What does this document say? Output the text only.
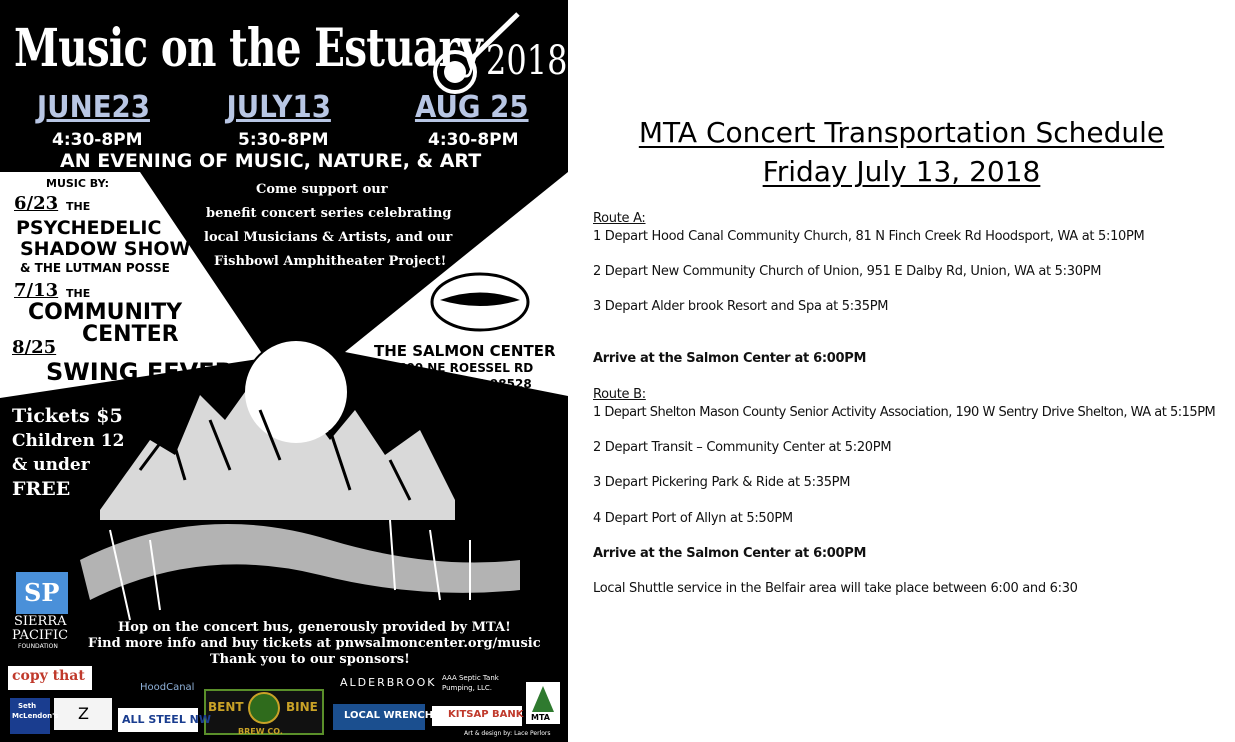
Music on the Estuary 2018
JUNE23	JULY13	AUG 25
4:30-8PM	5:30-8PM	4:30-8PM
AN EVENING OF MUSIC, NATURE, & ART
MUSIC BY:
6/23 THE
PSYCHEDELIC
SHADOW SHOW
& THE LUTMAN POSSE
7/13 THE
COMMUNITY
CENTER
8/25
SWING FEVER
Come support our
benefit concert series celebrating
local Musicians & Artists, and our
Fishbowl Amphitheater Project!
THE SALMON CENTER
600 NE ROESSEL RD
BELFAIR, WA 98528
Tickets $5
Children 12
& under
FREE
SP
SIERRA
PACIFIC
FOUNDATION
Hop on the concert bus, generously provided by MTA!
Find more info and buy tickets at pnwsalmoncenter.org/music
Thank you to our sponsors!
copy that
HoodCanal	ALDERBROOK AAA Septic Tank
Pumping, LLC.
Seth
McLendon's Z	ALL STEEL NW
BENT	BINE
BREW CO.
LOCAL WRENCH KITSAP BANK MTA
Art & design by: Lace Perlors
MTA Concert Transportation Schedule
Friday July 13, 2018
Route A:
1 Depart Hood Canal Community Church, 81 N Finch Creek Rd Hoodsport, WA at 5:10PM
2 Depart New Community Church of Union, 951 E Dalby Rd, Union, WA at 5:30PM
3 Depart Alder brook Resort and Spa at 5:35PM
Arrive at the Salmon Center at 6:00PM
Route B:
1 Depart Shelton Mason County Senior Activity Association, 190 W Sentry Drive Shelton, WA at 5:15PM
2 Depart Transit – Community Center at 5:20PM
3 Depart Pickering Park & Ride at 5:35PM
4 Depart Port of Allyn at 5:50PM
Arrive at the Salmon Center at 6:00PM
Local Shuttle service in the Belfair area will take place between 6:00 and 6:30
